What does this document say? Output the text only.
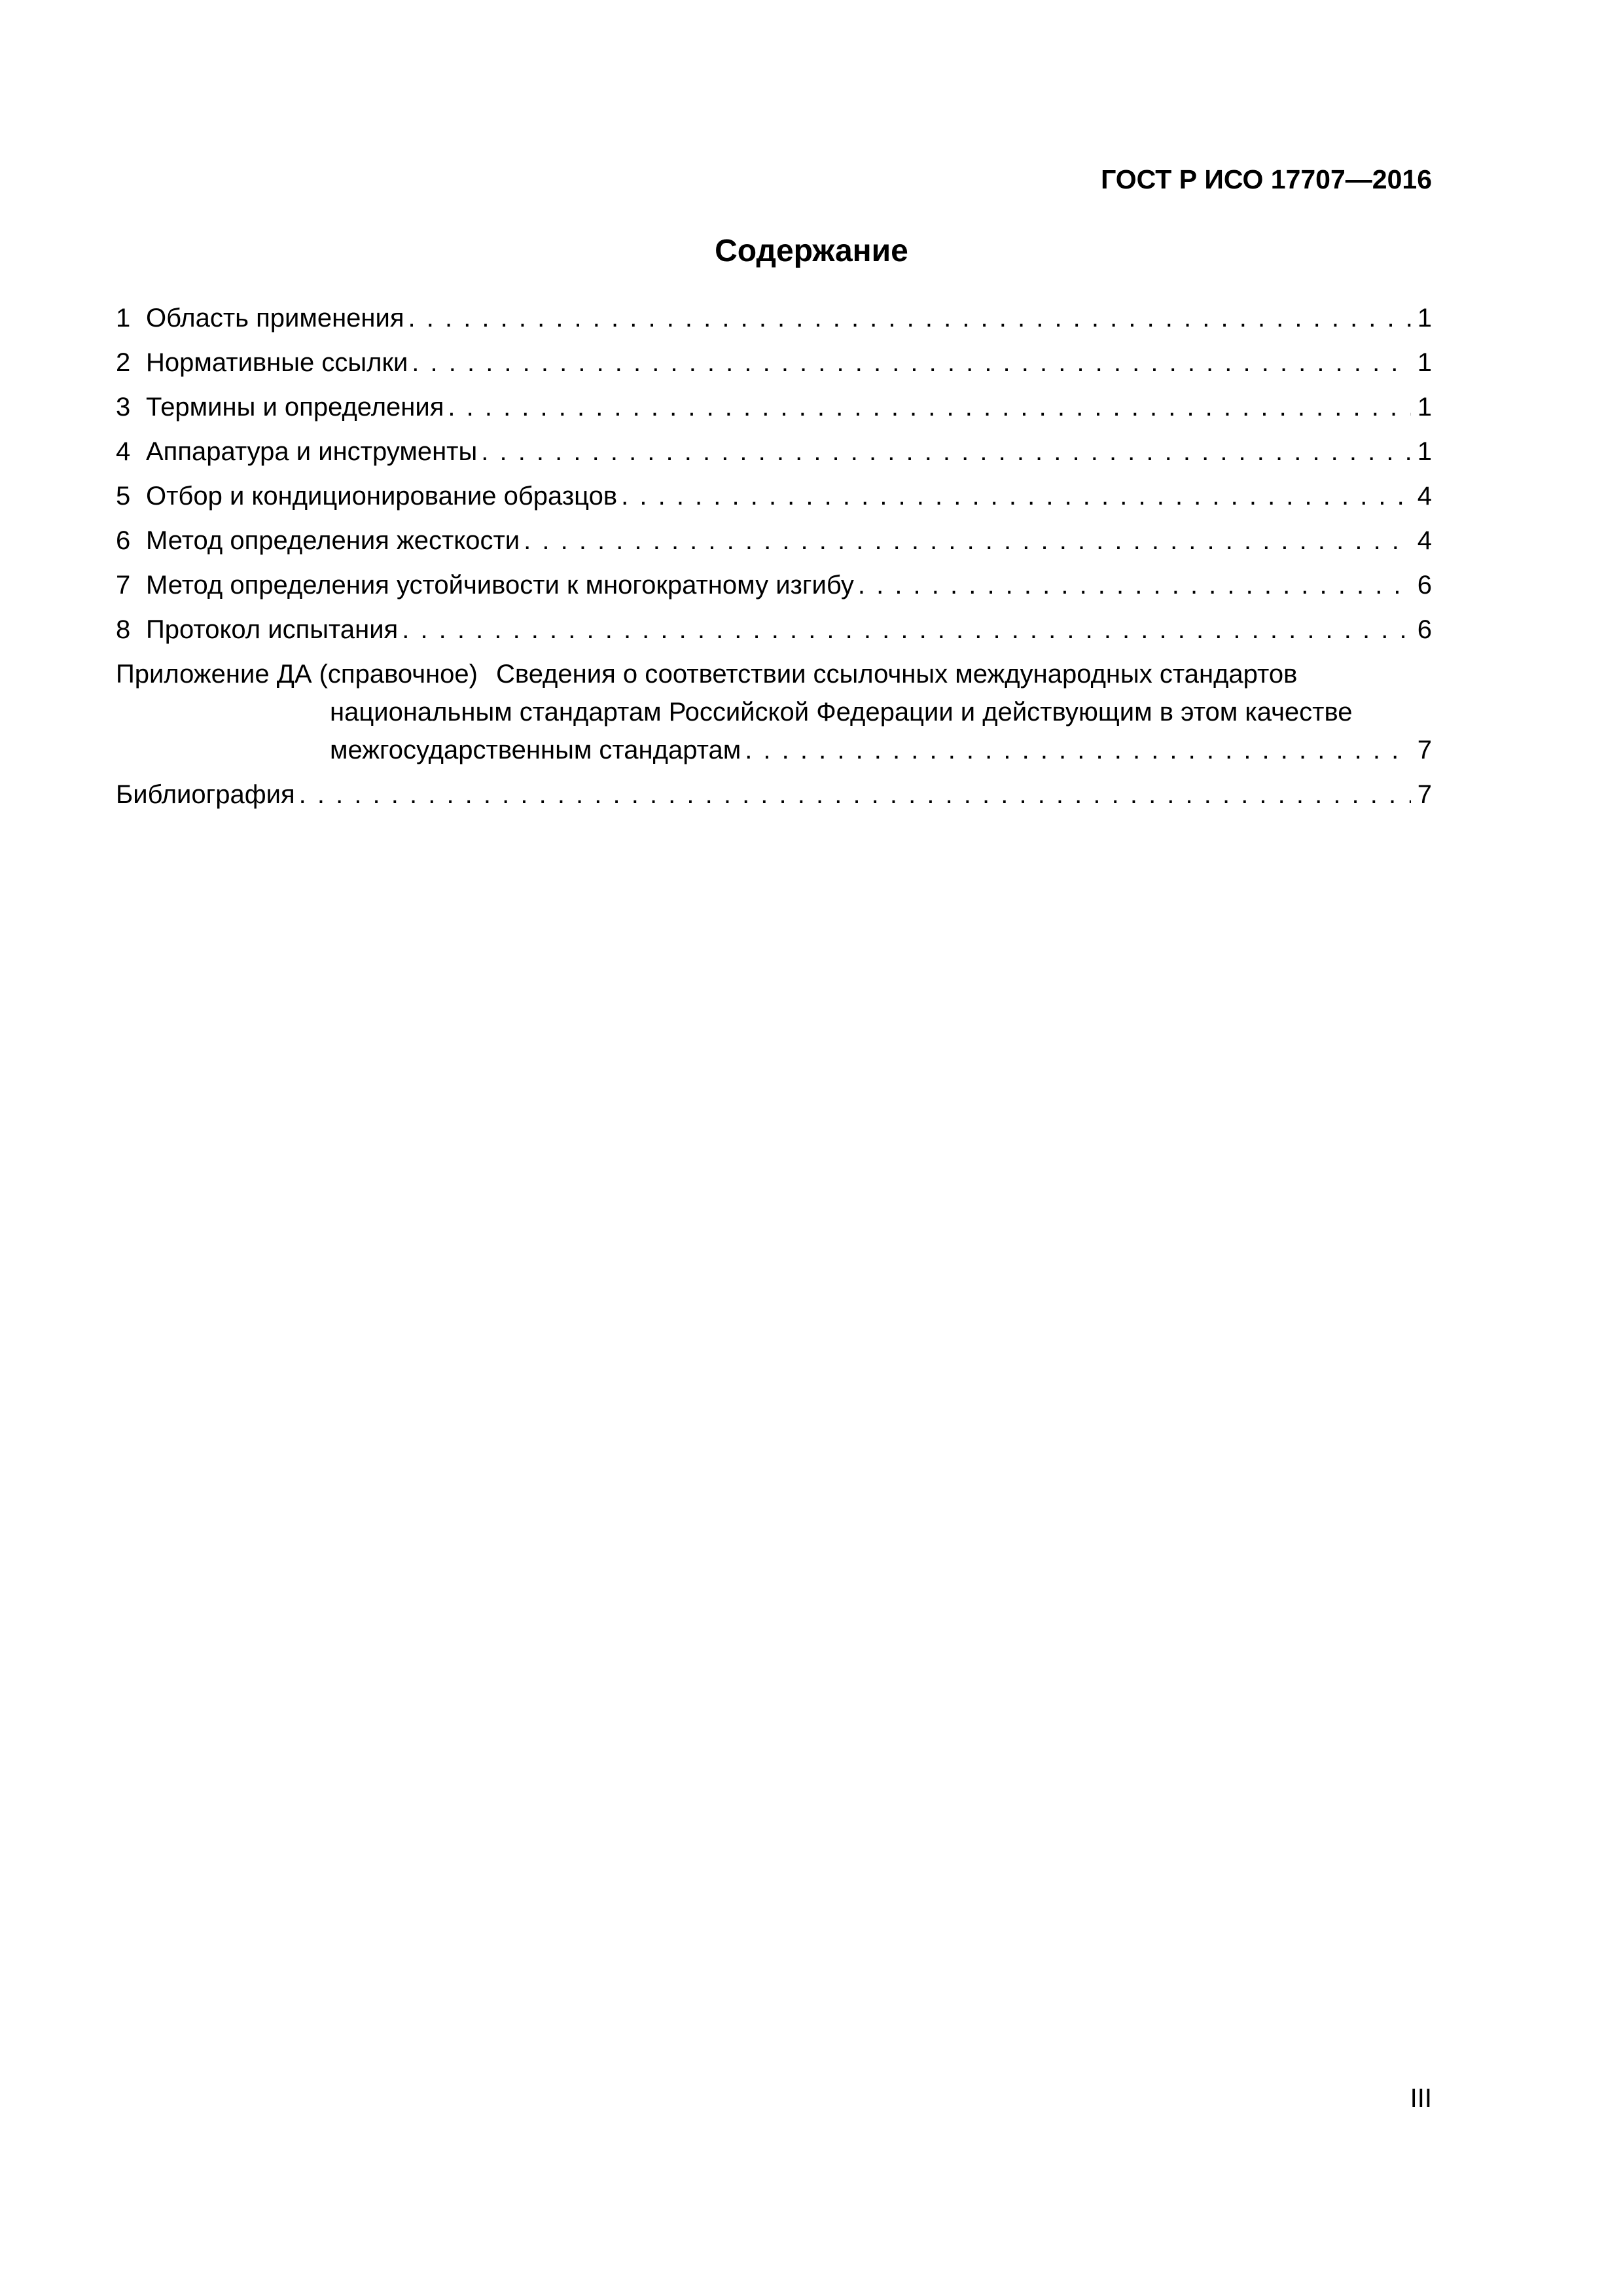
ГОСТ Р ИСО 17707—2016
Содержание
1 Область применения . . .	1
2 Нормативные ссылки . . .	1
3 Термины и определения . . .	1
4 Аппаратура и инструменты . . .	1
5 Отбор и кондиционирование образцов . . .	4
6 Метод определения жесткости . . .	4
7 Метод определения устойчивости к многократному изгибу . . .	6
8 Протокол испытания . . .	6
Приложение ДА (справочное) Сведения о соответствии ссылочных международных стандартов
национальным стандартам Российской Федерации и действующим в этом качестве
межгосударственным стандартам . . .	7
Библиография . . .	7
III
